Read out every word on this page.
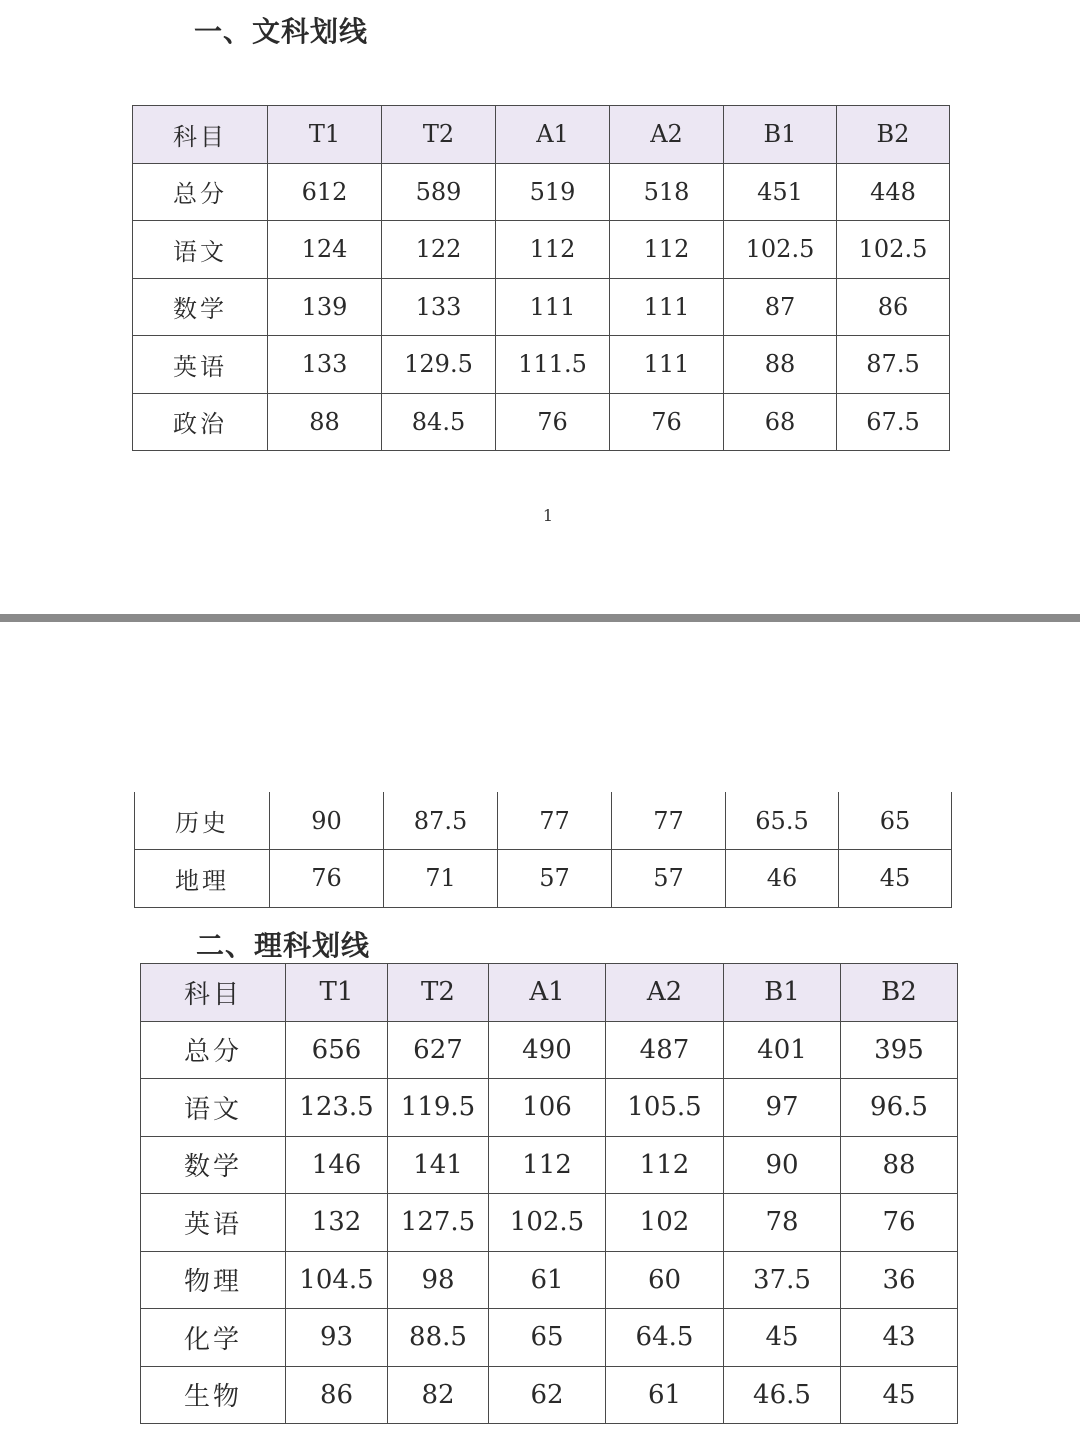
一、文科划线
科目	T1	T2	A1	A2	B1	B2
总分	612	589	519	518	451	448
语文	124	122	112	112	102.5	102.5
数学	139	133	111	111	87	86
英语	133	129.5	111.5	111	88	87.5
政治	88	84.5	76	76	68	67.5
1
历史	90	87.5	77	77	65.5	65
地理	76	71	57	57	46	45
二、理科划线
科目	T1	T2	A1	A2	B1	B2
总分	656	627	490	487	401	395
语文	123.5	119.5	106	105.5	97	96.5
数学	146	141	112	112	90	88
英语	132	127.5	102.5	102	78	76
物理	104.5	98	61	60	37.5	36
化学	93	88.5	65	64.5	45	43
生物	86	82	62	61	46.5	45
